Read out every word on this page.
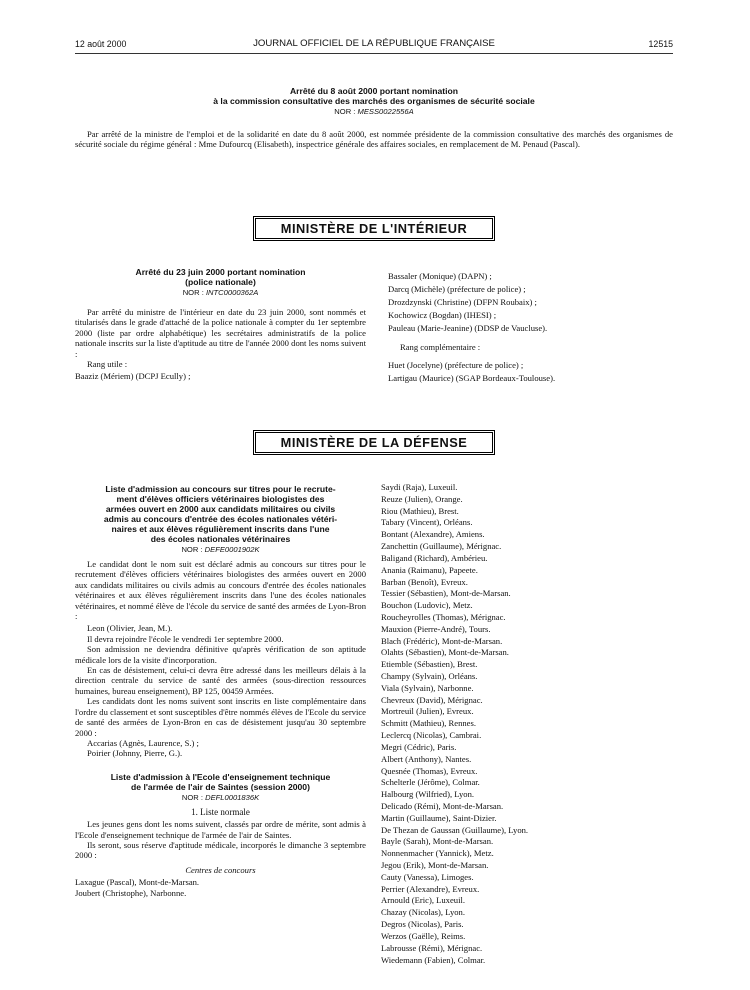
12 août 2000	JOURNAL OFFICIEL DE LA RÉPUBLIQUE FRANÇAISE	12515

Arrêté du 8 août 2000 portant nomination
à la commission consultative des marchés des organismes de sécurité sociale

NOR : MESS0022556A

Par arrêté de la ministre de l'emploi et de la solidarité en date du 8 août 2000, est nommée présidente de la commission consultative des marchés des organismes de sécurité sociale du régime général : Mme Dufourcq (Elisabeth), inspectrice générale des affaires sociales, en remplacement de M. Penaud (Pascal).

MINISTÈRE DE L'INTÉRIEUR

Arrêté du 23 juin 2000 portant nomination
(police nationale)

NOR : INTC0000362A

Par arrêté du ministre de l'intérieur en date du 23 juin 2000, sont nommés et titularisés dans le grade d'attaché de la police nationale à compter du 1er septembre 2000 (liste par ordre alphabétique) les secrétaires administratifs de la police nationale inscrits sur la liste d'aptitude au titre de l'année 2000 dont les noms suivent :

Rang utile :

Baaziz (Mériem) (DCPJ Ecully) ;

Bassaler (Monique) (DAPN) ;

Darcq (Michèle) (préfecture de police) ;

Drozdzynski (Christine) (DFPN Roubaix) ;

Kochowicz (Bogdan) (IHESI) ;

Pauleau (Marie-Jeanine) (DDSP de Vaucluse).

Rang complémentaire :

Huet (Jocelyne) (préfecture de police) ;

Lartigau (Maurice) (SGAP Bordeaux-Toulouse).

MINISTÈRE DE LA DÉFENSE

Liste d'admission au concours sur titres pour le recrute-
ment d'élèves officiers vétérinaires biologistes des
armées ouvert en 2000 aux candidats militaires ou civils
admis au concours d'entrée des écoles nationales vétéri-
naires et aux élèves régulièrement inscrits dans l'une
des écoles nationales vétérinaires

NOR : DEFE0001902K

Le candidat dont le nom suit est déclaré admis au concours sur titres pour le recrutement d'élèves officiers vétérinaires biologistes des armées ouvert en 2000 aux candidats militaires ou civils admis au concours d'entrée des écoles nationales vétérinaires et aux élèves régulièrement inscrits dans l'une des écoles nationales vétérinaires, et nommé élève de l'école du service de santé des armées de Lyon-Bron :

Leon (Olivier, Jean, M.).

Il devra rejoindre l'école le vendredi 1er septembre 2000.

Son admission ne deviendra définitive qu'après vérification de son aptitude médicale lors de la visite d'incorporation.

En cas de désistement, celui-ci devra être adressé dans les meilleurs délais à la direction centrale du service de santé des armées (sous-direction ressources humaines, bureau enseignement), BP 125, 00459 Armées.

Les candidats dont les noms suivent sont inscrits en liste complémentaire dans l'ordre du classement et sont susceptibles d'être nommés élèves de l'Ecole du service de santé des armées de Lyon-Bron en cas de désistement jusqu'au 30 septembre 2000 :

Accarias (Agnès, Laurence, S.) ;

Poirier (Johnny, Pierre, G.).

Liste d'admission à l'Ecole d'enseignement technique
de l'armée de l'air de Saintes (session 2000)

NOR : DEFL0001836K

1. Liste normale

Les jeunes gens dont les noms suivent, classés par ordre de mérite, sont admis à l'Ecole d'enseignement technique de l'armée de l'air de Saintes.

Ils seront, sous réserve d'aptitude médicale, incorporés le dimanche 3 septembre 2000 :

Centres de concours

Laxague (Pascal), Mont-de-Marsan.

Joubert (Christophe), Narbonne.

Saydi (Raja), Luxeuil.

Reuze (Julien), Orange.

Riou (Mathieu), Brest.

Tabary (Vincent), Orléans.

Bontant (Alexandre), Amiens.

Zanchettin (Guillaume), Mérignac.

Baligand (Richard), Ambérieu.

Anania (Raimanu), Papeete.

Barban (Benoît), Evreux.

Tessier (Sébastien), Mont-de-Marsan.

Bouchon (Ludovic), Metz.

Roucheyrolles (Thomas), Mérignac.

Mauxion (Pierre-André), Tours.

Blach (Frédéric), Mont-de-Marsan.

Olahts (Sébastien), Mont-de-Marsan.

Etiemble (Sébastien), Brest.

Champy (Sylvain), Orléans.

Viala (Sylvain), Narbonne.

Chevreux (David), Mérignac.

Mortreuil (Julien), Evreux.

Schmitt (Mathieu), Rennes.

Leclercq (Nicolas), Cambrai.

Megri (Cédric), Paris.

Albert (Anthony), Nantes.

Quesnée (Thomas), Evreux.

Schelterle (Jérôme), Colmar.

Halbourg (Wilfried), Lyon.

Delicado (Rémi), Mont-de-Marsan.

Martin (Guillaume), Saint-Dizier.

De Thezan de Gaussan (Guillaume), Lyon.

Bayle (Sarah), Mont-de-Marsan.

Nonnenmacher (Yannick), Metz.

Jegou (Erik), Mont-de-Marsan.

Cauty (Vanessa), Limoges.

Perrier (Alexandre), Evreux.

Arnould (Eric), Luxeuil.

Chazay (Nicolas), Lyon.

Degros (Nicolas), Paris.

Werzos (Gaëlle), Reims.

Labrousse (Rémi), Mérignac.

Wiedemann (Fabien), Colmar.
